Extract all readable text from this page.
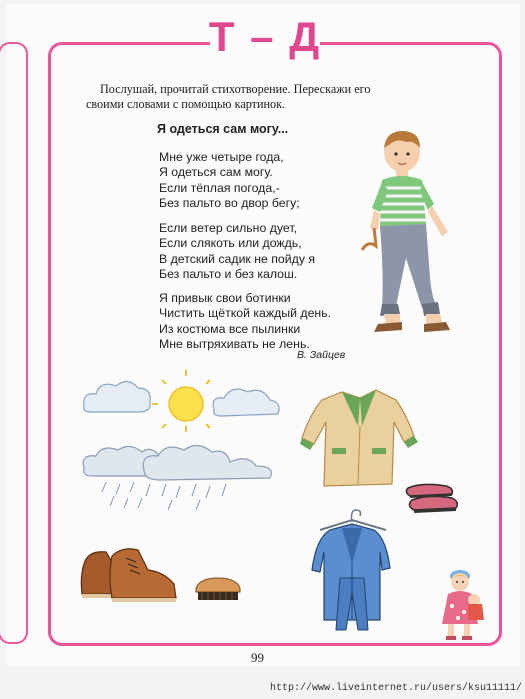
Т – Д
Послушай, прочитай стихотворение. Перескажи его своими словами с помощью картинок.
Я одеться сам могу...
Мне уже четыре года,
Я одеться сам могу.
Если тёплая погода,-
Без пальто во двор бегу;
Если ветер сильно дует,
Если слякоть или дождь,
В детский садик не пойду я
Без пальто и без калош.
Я привык свои ботинки
Чистить щёткой каждый день.
Из костюма все пылинки
Мне вытряхивать не лень.
В. Зайцев
99
http://www.liveinternet.ru/users/ksu11111/
